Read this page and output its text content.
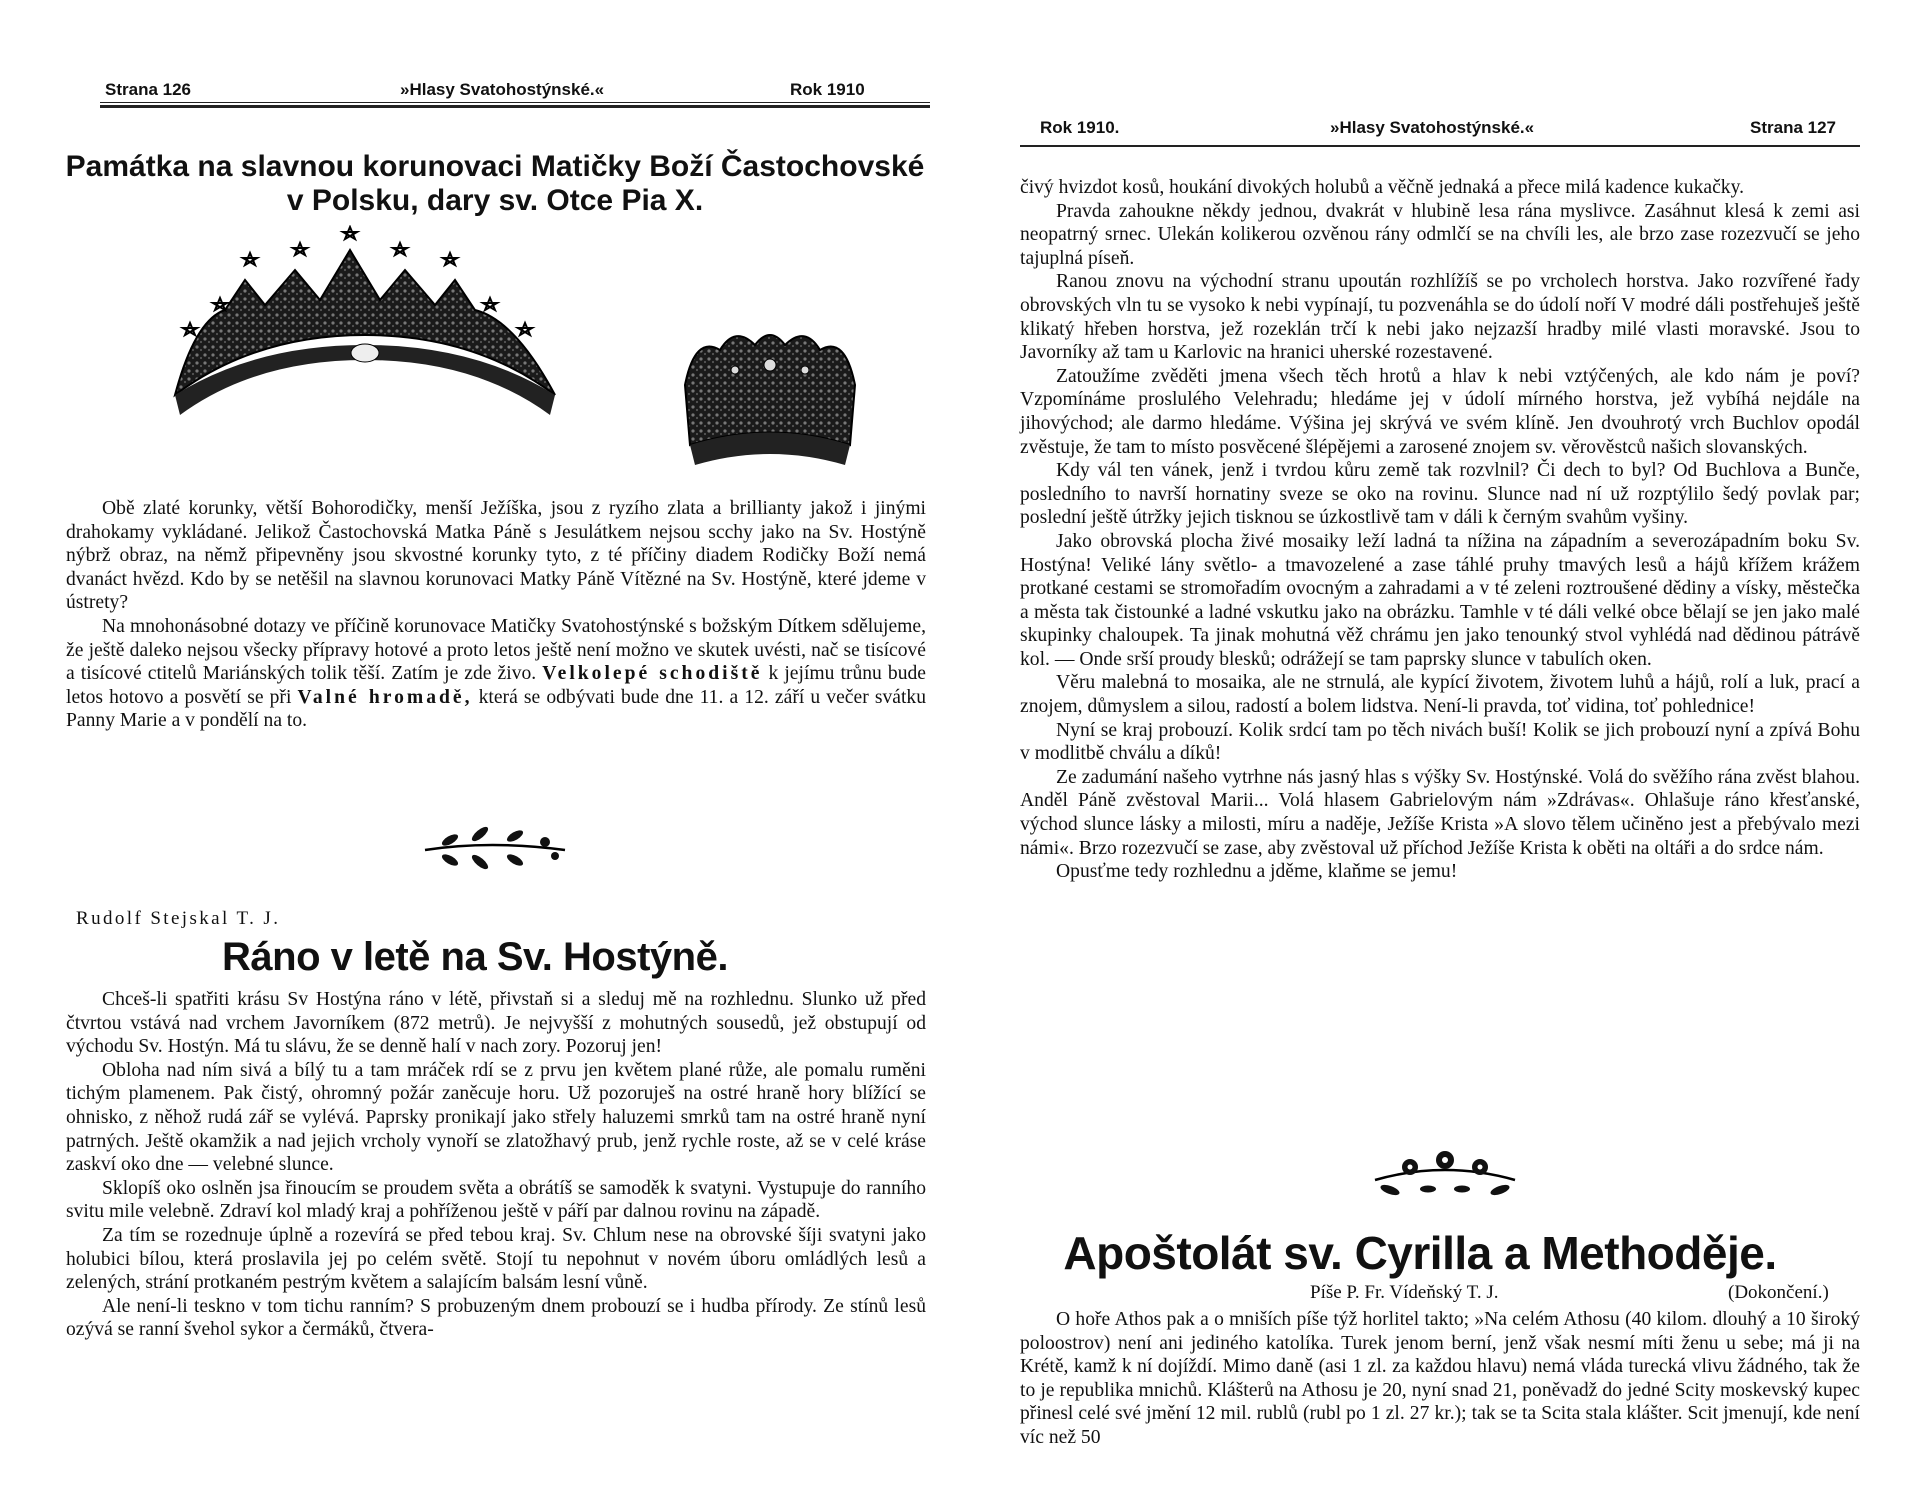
Strana 126	»Hlasy Svatohostýnské.«	Rok 1910
Památka na slavnou korunovaci Matičky Boží Častochovské
v Polsku, dary sv. Otce Pia X.

Obě zlaté korunky, větší Bohorodičky, menší Ježíška, jsou z ryzího zlata a brillianty jakož i jinými drahokamy vykládané. Jelikož Častochovská Matka Páně s Jesulátkem nejsou scchy jako na Sv. Hostýně nýbrž obraz, na němž připevněny jsou skvostné korunky tyto, z té příčiny diadem Rodičky Boží nemá dvanáct hvězd. Kdo by se netěšil na slavnou korunovaci Matky Páně Vítězné na Sv. Hostýně, které jdeme v ústrety?

Na mnohonásobné dotazy ve příčině korunovace Matičky Svatohostýnské s božským Dítkem sdělujeme, že ještě daleko nejsou všecky přípravy hotové a proto letos ještě není možno ve skutek uvésti, nač se tisícové a tisícové ctitelů Mariánských tolik těší. Zatím je zde živo. Velkolepé schodiště k jejímu trůnu bude letos hotovo a posvětí se při Valné hromadě, která se odbývati bude dne 11. a 12. září u večer svátku Panny Marie a v pondělí na to.

Rudolf Stejskal T. J.
Ráno v letě na Sv. Hostýně.

Chceš-li spatřiti krásu Sv Hostýna ráno v létě, přivstaň si a sleduj mě na rozhlednu. Slunko už před čtvrtou vstává nad vrchem Javorníkem (872 metrů). Je nejvyšší z mohutných sousedů, jež obstupují od východu Sv. Hostýn. Má tu slávu, že se denně halí v nach zory. Pozoruj jen!

Obloha nad ním sivá a bílý tu a tam mráček rdí se z prvu jen květem plané růže, ale pomalu ruměni tichým plamenem. Pak čistý, ohromný požár zaněcuje horu. Už pozoruješ na ostré hraně hory blížící se ohnisko, z něhož rudá zář se vylévá. Paprsky pronikají jako střely haluzemi smrků tam na ostré hraně nyní patrných. Ještě okamžik a nad jejich vrcholy vynoří se zlatožhavý prub, jenž rychle roste, až se v celé kráse zaskví oko dne — velebné slunce.

Sklopíš oko oslněn jsa řinoucím se proudem světa a obrátíš se samoděk k svatyni. Vystupuje do ranního svitu mile velebně. Zdraví kol mladý kraj a pohříženou ještě v páří par dalnou rovinu na západě.

Za tím se rozednuje úplně a rozevírá se před tebou kraj. Sv. Chlum nese na obrovské šíji svatyni jako holubici bílou, která proslavila jej po celém světě. Stojí tu nepohnut v novém úboru omládlých lesů a zelených, strání protkaném pestrým květem a salajícím balsám lesní vůně.

Ale není-li tesknο v tom tichu ranním? S probuzeným dnem probouzí se i hudba přírody. Ze stínů lesů ozývá se ranní švehol sykor a čermáků, čtvera-

Rok 1910.	»Hlasy Svatohostýnské.«	Strana 127

čivý hvizdot kosů, houkání divokých holubů a věčně jednaká a přece milá kadence kukačky.

Pravda zahoukne někdy jednou, dvakrát v hlubině lesa rána myslivce. Zasáhnut klesá k zemi asi neopatrný srnec. Ulekán kolikerou ozvěnou rány odmlčí se na chvíli les, ale brzo zase rozezvučí se jeho tajuplná píseň.

Ranou znovu na východní stranu upoután rozhlížíš se po vrcholech horstva. Jako rozvířené řady obrovských vln tu se vysoko k nebi vypínají, tu pozvenáhla se do údolí noří V modré dáli postřehuješ ještě klikatý hřeben horstva, jež rozeklán trčí k nebi jako nejzazší hradby milé vlasti moravské. Jsou to Javorníky až tam u Karlovic na hranici uherské rozestavené.

Zatoužíme zvěděti jmena všech těch hrotů a hlav k nebi vztýčených, ale kdo nám je poví? Vzpomínáme proslulého Velehradu; hledáme jej v údolí mírného horstva, jež vybíhá nejdále na jihovýchod; ale darmo hledáme. Výšina jej skrývá ve svém klíně. Jen dvouhrotý vrch Buchlov opodál zvěstuje, že tam to místo posvěcené šlépějemi a zarosené znojem sv. věrověstců našich slovanských.

Kdy vál ten vánek, jenž i tvrdou kůru země tak rozvlnil? Či dech to byl? Od Buchlova a Bunče, posledního to navrší hornatiny sveze se oko na rovinu. Slunce nad ní už rozptýlilo šedý povlak par; poslední ještě útržky jejich tisknou se úzkostlivě tam v dáli k černým svahům vyšiny.

Jako obrovská plocha živé mosaiky leží ladná ta nížina na západním a severozápadním boku Sv. Hostýna! Veliké lány světlo- a tmavozelené a zase táhlé pruhy tmavých lesů a hájů křížem krážem protkané cestami se stromořadím ovocným a zahradami a v té zeleni roztroušené dědiny a vísky, městečka a města tak čistounké a ladné vskutku jako na obrázku. Tamhle v té dáli velké obce bělají se jen jako malé skupinky chaloupek. Ta jinak mohutná věž chrámu jen jako tenounký stvol vyhlédá nad dědinou pátrávě kol. — Onde srší proudy blesků; odrážejí se tam paprsky slunce v tabulích oken.

Věru malebná to mosaika, ale ne strnulá, ale kypící životem, životem luhů a hájů, rolí a luk, prací a znojem, důmyslem a silou, radostí a bolem lidstva. Není-li pravda, toť vidina, toť pohlednice!

Nyní se kraj probouzí. Kolik srdcí tam po těch nivách buší! Kolik se jich probouzí nyní a zpívá Bohu v modlitbě chválu a díků!

Ze zadumání našeho vytrhne nás jasný hlas s výšky Sv. Hostýnské. Volá do svěžího rána zvěst blahou. Anděl Páně zvěstoval Marii... Volá hlasem Gabrielovým nám »Zdrávas«. Ohlašuje ráno křesťanské, východ slunce lásky a milosti, míru a naděje, Ježíše Krista »A slovo tělem učiněno jest a přebývalo mezi námi«. Brzo rozezvučí se zase, aby zvěstoval už příchod Ježíše Krista k oběti na oltáři a do srdce nám.

Opusťme tedy rozhlednu a jděme, klaňme se jemu!

Apoštolát sv. Cyrilla a Methoděje.
Píše P. Fr. Vídeňský T. J.	(Dokončení.)

O hoře Athos pak a o mniších píše týž horlitel takto; »Na celém Athosu (40 kilom. dlouhý a 10 široký poloostrov) není ani jediného katolíka. Turek jenom berní, jenž však nesmí míti ženu u sebe; má ji na Krétě, kamž k ní dojíždí. Mimo daně (asi 1 zl. za každou hlavu) nemá vláda turecká vlivu žádného, tak že to je republika mnichů. Klášterů na Athosu je 20, nyní snad 21, poněvadž do jedné Scity moskevský kupec přinesl celé své jmění 12 mil. rublů (rubl po 1 zl. 27 kr.); tak se ta Scita stala klášter. Scit jmenují, kde není víc než 50
